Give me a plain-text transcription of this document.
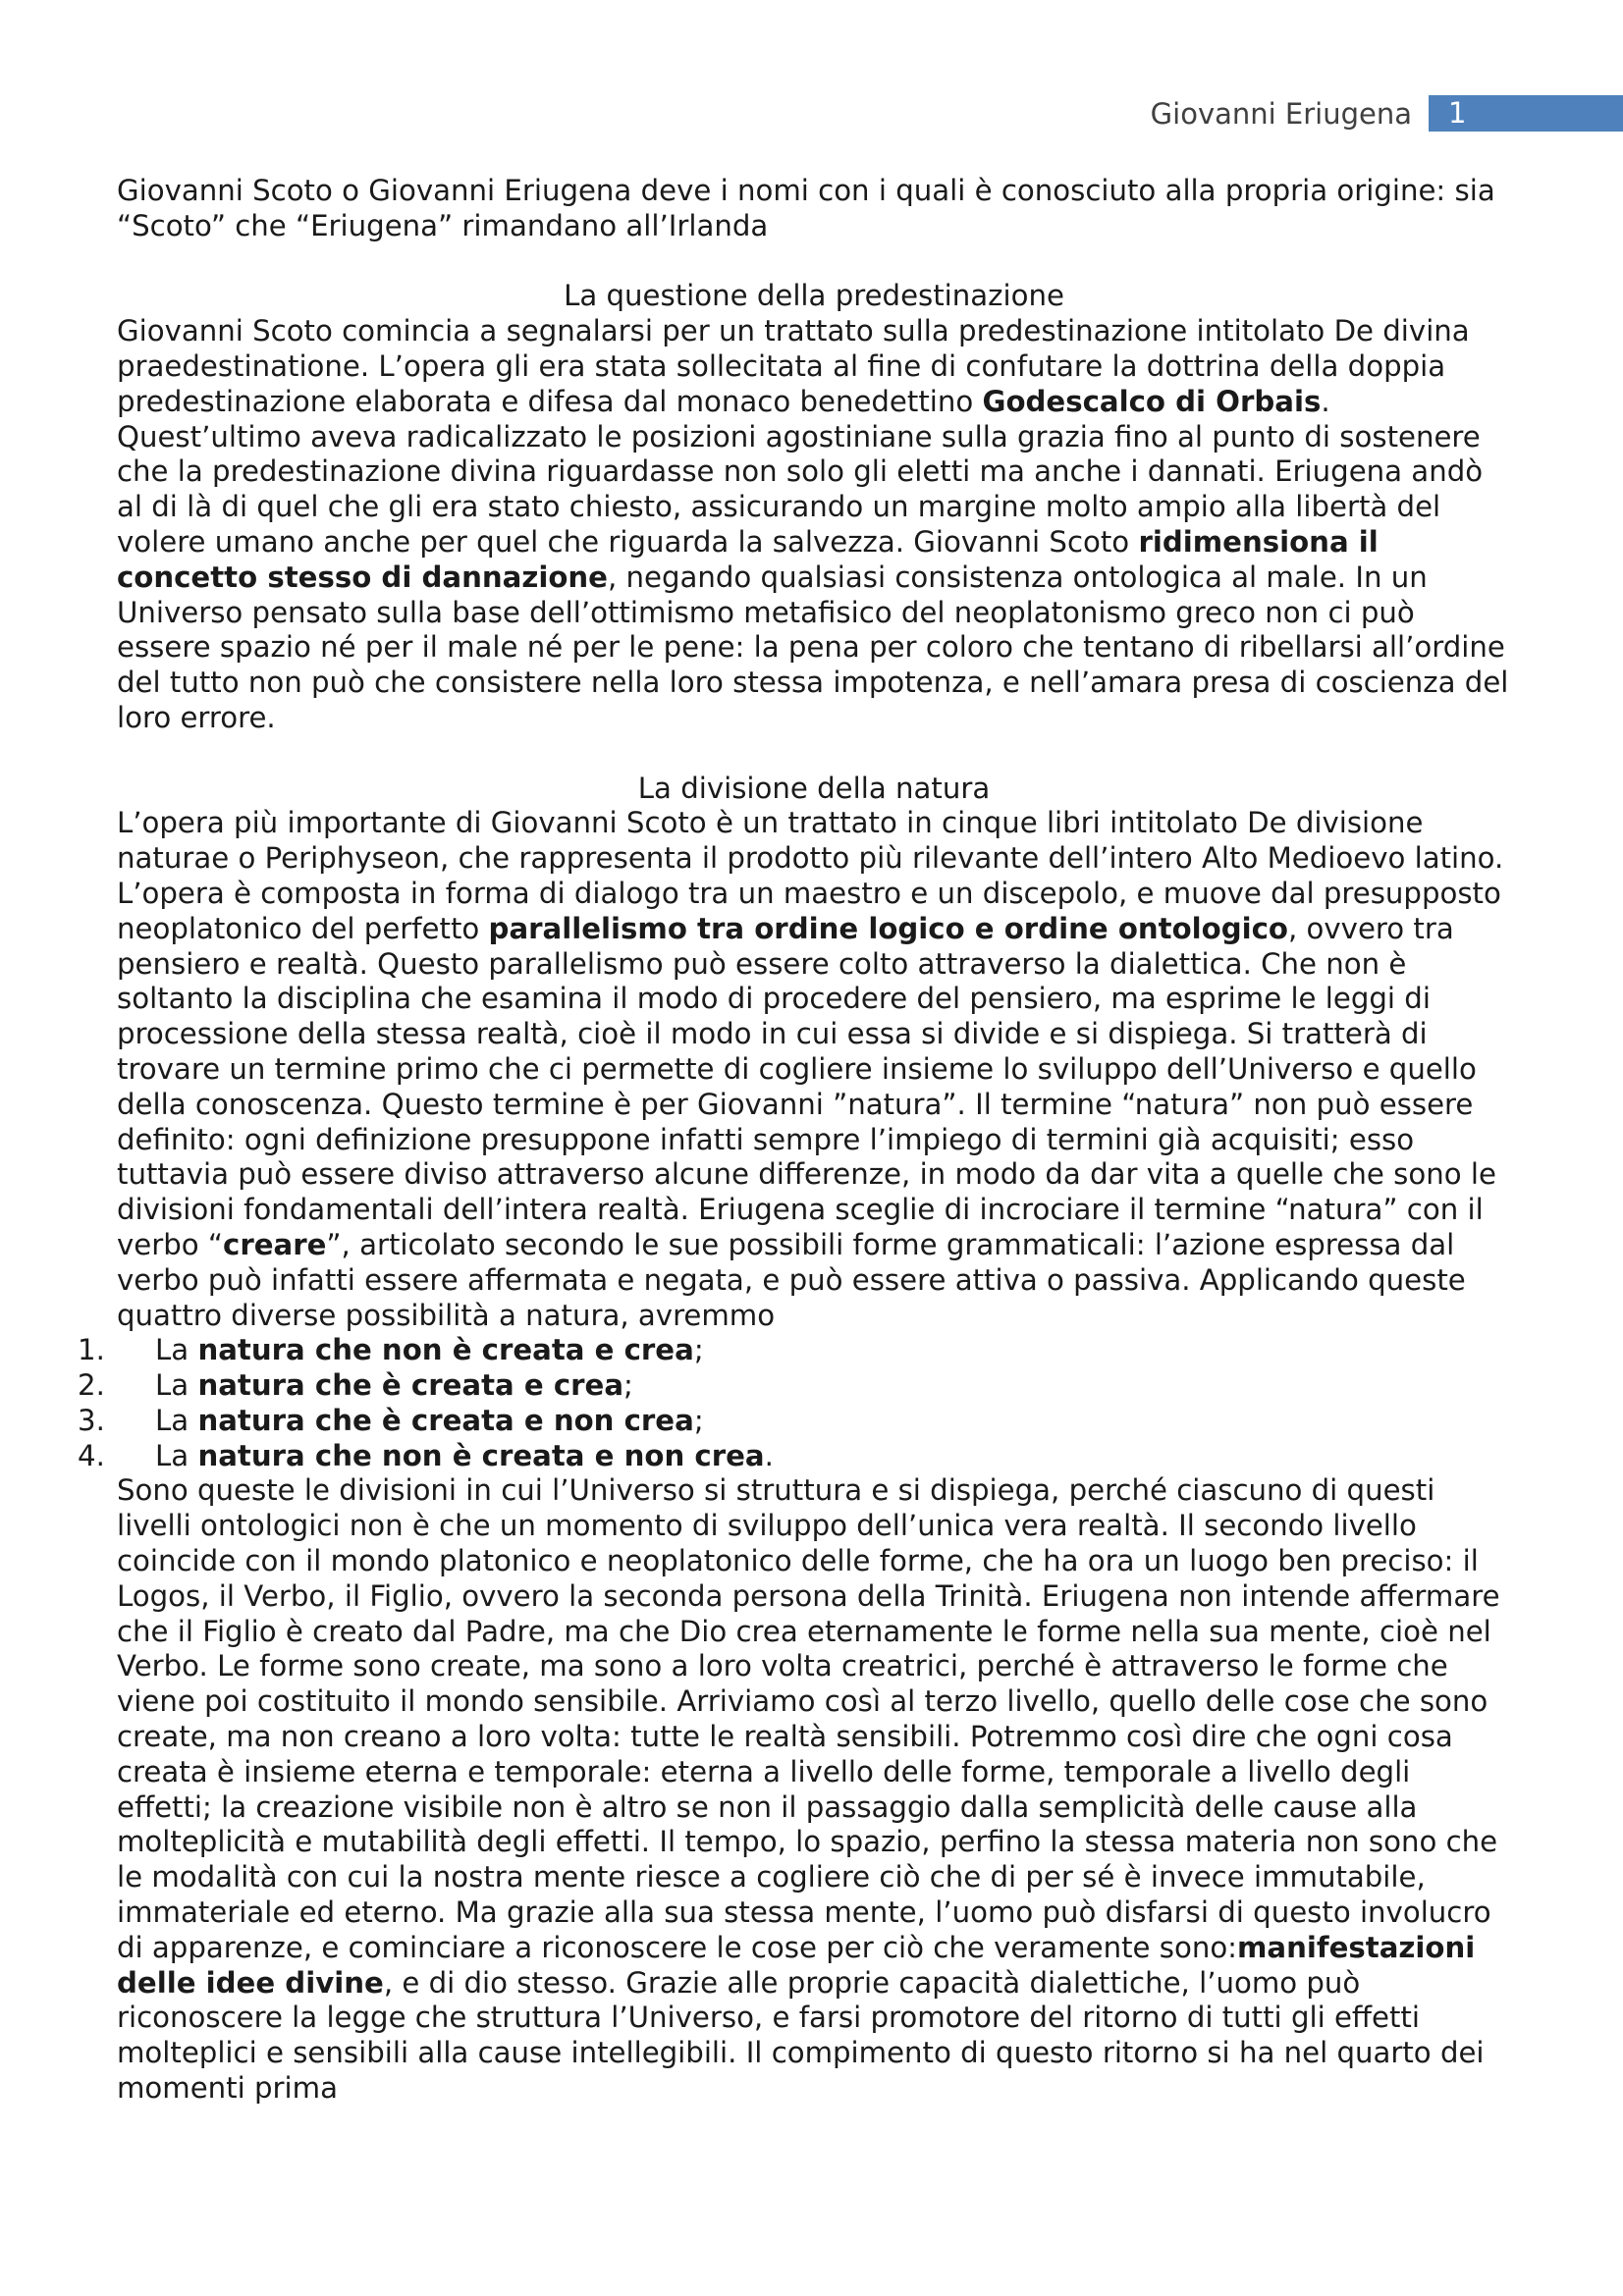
Giovanni Eriugena 1

Giovanni Scoto o Giovanni Eriugena deve i nomi con i quali è conosciuto alla propria origine: sia “Scoto” che “Eriugena” rimandano all’Irlanda

La questione della predestinazione

Giovanni Scoto comincia a segnalarsi per un trattato sulla predestinazione intitolato De divina praedestinatione. L’opera gli era stata sollecitata al fine di confutare la dottrina della doppia predestinazione elaborata e difesa dal monaco benedettino Godescalco di Orbais. Quest’ultimo aveva radicalizzato le posizioni agostiniane sulla grazia fino al punto di sostenere che la predestinazione divina riguardasse non solo gli eletti ma anche i dannati. Eriugena andò al di là di quel che gli era stato chiesto, assicurando un margine molto ampio alla libertà del volere umano anche per quel che riguarda la salvezza. Giovanni Scoto ridimensiona il concetto stesso di dannazione, negando qualsiasi consistenza ontologica al male. In un Universo pensato sulla base dell’ottimismo metafisico del neoplatonismo greco non ci può essere spazio né per il male né per le pene: la pena per coloro che tentano di ribellarsi all’ordine del tutto non può che consistere nella loro stessa impotenza, e nell’amara presa di coscienza del loro errore.

La divisione della natura

L’opera più importante di Giovanni Scoto è un trattato in cinque libri intitolato De divisione naturae o Periphyseon, che rappresenta il prodotto più rilevante dell’intero Alto Medioevo latino. L’opera è composta in forma di dialogo tra un maestro e un discepolo, e muove dal presupposto neoplatonico del perfetto parallelismo tra ordine logico e ordine ontologico, ovvero tra pensiero e realtà. Questo parallelismo può essere colto attraverso la dialettica. Che non è soltanto la disciplina che esamina il modo di procedere del pensiero, ma esprime le leggi di processione della stessa realtà, cioè il modo in cui essa si divide e si dispiega. Si tratterà di trovare un termine primo che ci permette di cogliere insieme lo sviluppo dell’Universo e quello della conoscenza. Questo termine è per Giovanni ”natura”. Il termine “natura” non può essere definito: ogni definizione presuppone infatti sempre l’impiego di termini già acquisiti; esso tuttavia può essere diviso attraverso alcune differenze, in modo da dar vita a quelle che sono le divisioni fondamentali dell’intera realtà. Eriugena sceglie di incrociare il termine “natura” con il verbo “creare”, articolato secondo le sue possibili forme grammaticali: l’azione espressa dal verbo può infatti essere affermata e negata, e può essere attiva o passiva. Applicando queste quattro diverse possibilità a natura, avremmo

1.	La natura che non è creata e crea;
2.	La natura che è creata e crea;
3.	La natura che è creata e non crea;
4.	La natura che non è creata e non crea.

Sono queste le divisioni in cui l’Universo si struttura e si dispiega, perché ciascuno di questi livelli ontologici non è che un momento di sviluppo dell’unica vera realtà. Il secondo livello coincide con il mondo platonico e neoplatonico delle forme, che ha ora un luogo ben preciso: il Logos, il Verbo, il Figlio, ovvero la seconda persona della Trinità. Eriugena non intende affermare che il Figlio è creato dal Padre, ma che Dio crea eternamente le forme nella sua mente, cioè nel Verbo. Le forme sono create, ma sono a loro volta creatrici, perché è attraverso le forme che viene poi costituito il mondo sensibile. Arriviamo così al terzo livello, quello delle cose che sono create, ma non creano a loro volta: tutte le realtà sensibili. Potremmo così dire che ogni cosa creata è insieme eterna e temporale: eterna a livello delle forme, temporale a livello degli effetti; la creazione visibile non è altro se non il passaggio dalla semplicità delle cause alla molteplicità e mutabilità degli effetti. Il tempo, lo spazio, perfino la stessa materia non sono che le modalità con cui la nostra mente riesce a cogliere ciò che di per sé è invece immutabile, immateriale ed eterno. Ma grazie alla sua stessa mente, l’uomo può disfarsi di questo involucro di apparenze, e cominciare a riconoscere le cose per ciò che veramente sono:manifestazioni delle idee divine, e di dio stesso. Grazie alle proprie capacità dialettiche, l’uomo può riconoscere la legge che struttura l’Universo, e farsi promotore del ritorno di tutti gli effetti molteplici e sensibili alla cause intellegibili. Il compimento di questo ritorno si ha nel quarto dei momenti prima
